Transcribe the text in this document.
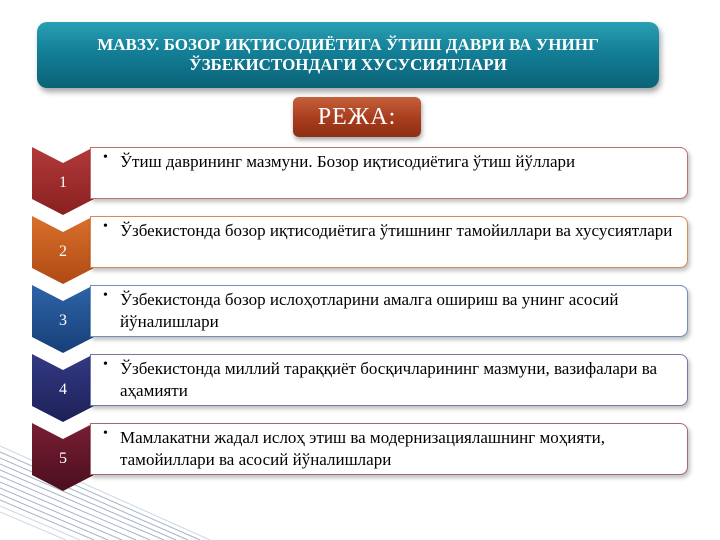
МАВЗУ. БОЗОР ИҚТИСОДИЁТИГА ЎТИШ ДАВРИ ВА УНИНГ ЎЗБЕКИСТОНДАГИ ХУСУСИЯТЛАРИ
РЕЖА:
1
• Ўтиш даврининг мазмуни. Бозор иқтисодиётига ўтиш йўллари
2
• Ўзбекистонда бозор иқтисодиётига ўтишнинг тамойиллари ва хусусиятлари
3
• Ўзбекистонда бозор ислоҳотларини амалга ошириш ва унинг асосий йўналишлари
4
• Ўзбекистонда миллий тараққиёт босқичларининг мазмуни, вазифалари ва аҳамияти
5
• Мамлакатни жадал ислоҳ этиш ва модернизациялашнинг моҳияти, тамойиллари ва асосий йўналишлари
